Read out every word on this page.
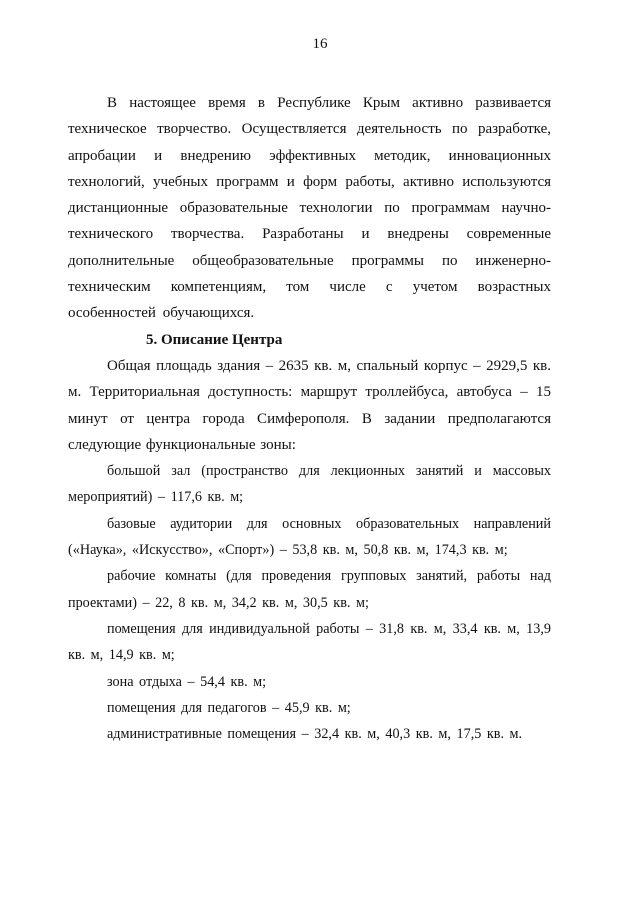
16

В настоящее время в Республике Крым активно развивается техническое творчество. Осуществляется деятельность по разработке, апробации и внедрению эффективных методик, инновационных технологий, учебных программ и форм работы, активно используются дистанционные образовательные технологии по программам научно-технического творчества. Разработаны и внедрены современные дополнительные общеобразовательные программы по инженерно-техническим компетенциям, том числе с учетом возрастных особенностей обучающихся.

5. Описание Центра

Общая площадь здания – 2635 кв. м, спальный корпус – 2929,5 кв. м. Территориальная доступность: маршрут троллейбуса, автобуса – 15 минут от центра города Симферополя. В задании предполагаются следующие функциональные зоны:

большой зал (пространство для лекционных занятий и массовых мероприятий) – 117,6 кв. м;

базовые аудитории для основных образовательных направлений («Наука», «Искусство», «Спорт») – 53,8 кв. м, 50,8 кв. м, 174,3 кв. м;

рабочие комнаты (для проведения групповых занятий, работы над проектами) – 22, 8 кв. м, 34,2 кв. м, 30,5 кв. м;

помещения для индивидуальной работы – 31,8 кв. м, 33,4 кв. м, 13,9 кв. м, 14,9 кв. м;

зона отдыха – 54,4 кв. м;

помещения для педагогов – 45,9 кв. м;

административные помещения – 32,4 кв. м, 40,3 кв. м, 17,5 кв. м.
